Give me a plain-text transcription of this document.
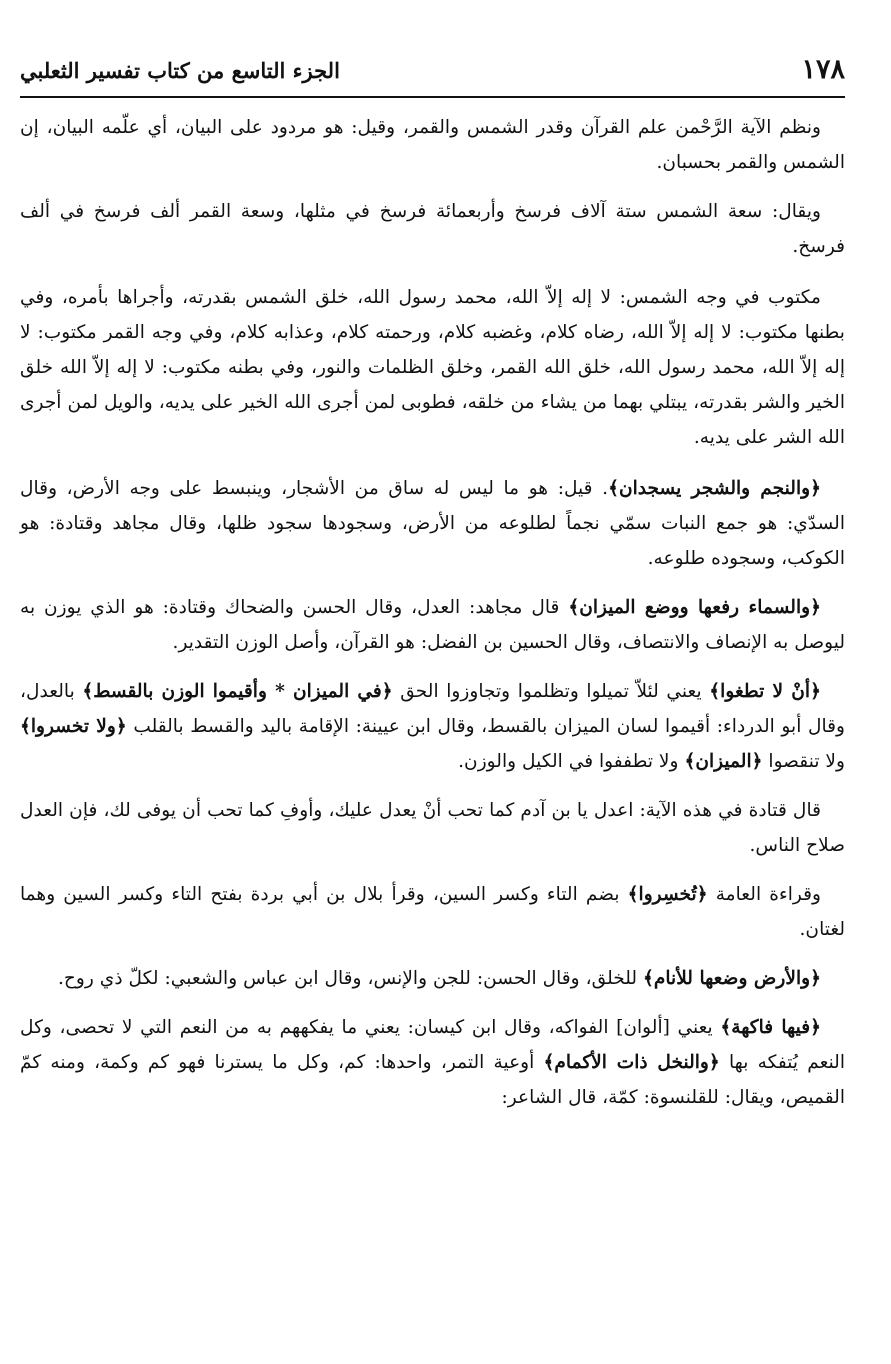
١٧٨
الجزء التاسع من كتاب تفسير الثعلبي

ونظم الآية الرَّحْمن علم القرآن وقدر الشمس والقمر، وقيل: هو مردود على البيان، أي علّمه البيان، إن الشمس والقمر بحسبان.

ويقال: سعة الشمس ستة آلاف فرسخ وأربعمائة فرسخ في مثلها، وسعة القمر ألف فرسخ في ألف فرسخ.

مكتوب في وجه الشمس: لا إله إلاّ الله، محمد رسول الله، خلق الشمس بقدرته، وأجراها بأمره، وفي بطنها مكتوب: لا إله إلاّ الله، رضاه كلام، وغضبه كلام، ورحمته كلام، وعذابه كلام، وفي وجه القمر مكتوب: لا إله إلاّ الله، محمد رسول الله، خلق الله القمر، وخلق الظلمات والنور، وفي بطنه مكتوب: لا إله إلاّ الله خلق الخير والشر بقدرته، يبتلي بهما من يشاء من خلقه، فطوبى لمن أجرى الله الخير على يديه، والويل لمن أجرى الله الشر على يديه.

﴿والنجم والشجر يسجدان﴾. قيل: هو ما ليس له ساق من الأشجار، وينبسط على وجه الأرض، وقال السدّي: هو جمع النبات سمّي نجماً لطلوعه من الأرض، وسجودها سجود ظلها، وقال مجاهد وقتادة: هو الكوكب، وسجوده طلوعه.

﴿والسماء رفعها ووضع الميزان﴾ قال مجاهد: العدل، وقال الحسن والضحاك وقتادة: هو الذي يوزن به ليوصل به الإنصاف والانتصاف، وقال الحسين بن الفضل: هو القرآن، وأصل الوزن التقدير.

﴿أنْ لا تطغوا﴾ يعني لئلاّ تميلوا وتظلموا وتجاوزوا الحق ﴿في الميزان * وأقيموا الوزن بالقسط﴾ بالعدل، وقال أبو الدرداء: أقيموا لسان الميزان بالقسط، وقال ابن عيينة: الإقامة باليد والقسط بالقلب ﴿ولا تخسروا﴾ ولا تنقصوا ﴿الميزان﴾ ولا تطففوا في الكيل والوزن.

قال قتادة في هذه الآية: اعدل يا بن آدم كما تحب أنْ يعدل عليك، وأوفِ كما تحب أن يوفى لك، فإن العدل صلاح الناس.

وقراءة العامة ﴿تُخسِروا﴾ بضم التاء وكسر السين، وقرأ بلال بن أبي بردة بفتح التاء وكسر السين وهما لغتان.

﴿والأرض وضعها للأنام﴾ للخلق، وقال الحسن: للجن والإنس، وقال ابن عباس والشعبي: لكلّ ذي روح.

﴿فيها فاكهة﴾ يعني [ألوان] الفواكه، وقال ابن كيسان: يعني ما يفكههم به من النعم التي لا تحصى، وكل النعم يُتفكه بها ﴿والنخل ذات الأكمام﴾ أوعية التمر، واحدها: كم، وكل ما يسترنا فهو كم وكمة، ومنه كمّ القميص، ويقال: للقلنسوة: كمّة، قال الشاعر:
